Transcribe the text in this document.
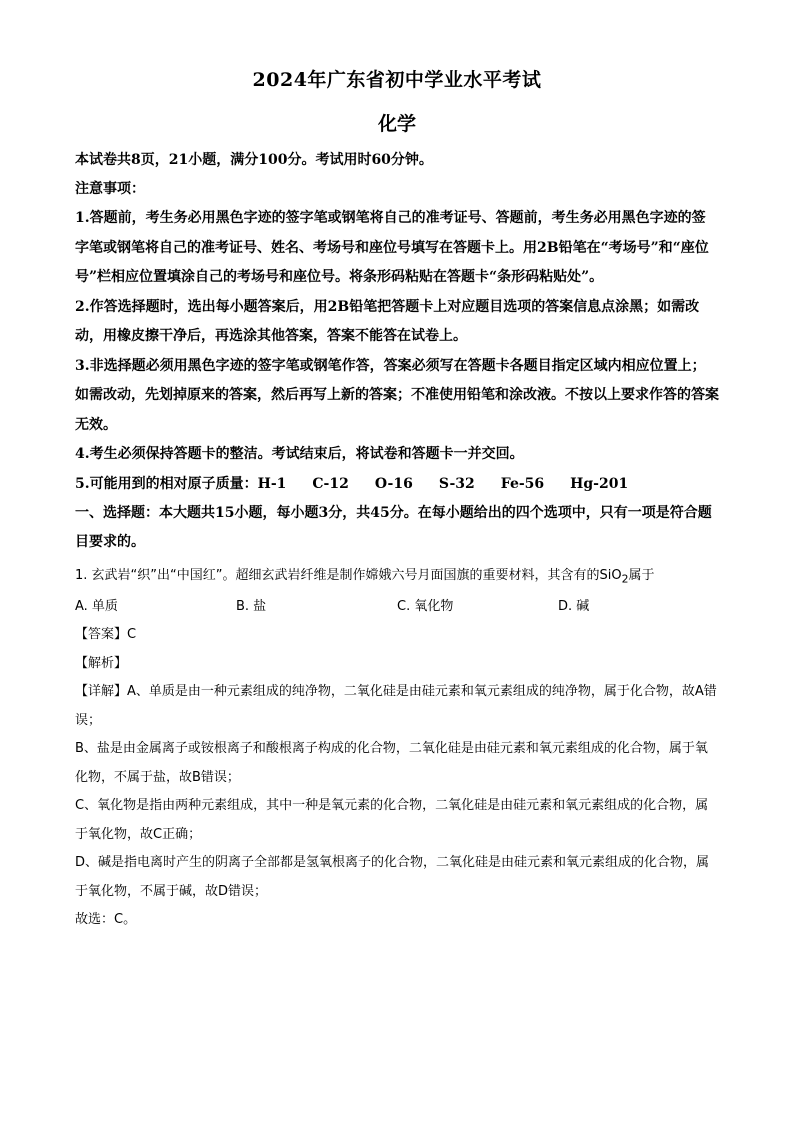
2024年广东省初中学业水平考试
化学

本试卷共8页，21小题，满分100分。考试用时60分钟。

注意事项：

1.答题前，考生务必用黑色字迹的签字笔或钢笔将自己的准考证号、答题前，考生务必用黑色字迹的签字笔或钢笔将自己的准考证号、姓名、考场号和座位号填写在答题卡上。用2B铅笔在“考场号”和“座位号”栏相应位置填涂自己的考场号和座位号。将条形码粘贴在答题卡“条形码粘贴处”。

2.作答选择题时，选出每小题答案后，用2B铅笔把答题卡上对应题目选项的答案信息点涂黑；如需改动，用橡皮擦干净后，再选涂其他答案，答案不能答在试卷上。

3.非选择题必须用黑色字迹的签字笔或钢笔作答，答案必须写在答题卡各题目指定区域内相应位置上；如需改动，先划掉原来的答案，然后再写上新的答案；不准使用铅笔和涂改液。不按以上要求作答的答案无效。

4.考生必须保持答题卡的整洁。考试结束后，将试卷和答题卡一并交回。

5.可能用到的相对原子质量： H-1 C-12 O-16 S-32 Fe-56 Hg-201

一、选择题：本大题共15小题，每小题3分，共45分。在每小题给出的四个选项中，只有一项是符合题目要求的。

1. 玄武岩“织”出“中国红”。超细玄武岩纤维是制作嫦娥六号月面国旗的重要材料，其含有的SiO$_2$属于

A. 单质	B. 盐	C. 氧化物	D. 碱

【答案】C

【解析】

【详解】A、单质是由一种元素组成的纯净物，二氧化硅是由硅元素和氧元素组成的纯净物，属于化合物，故A错误；

B、盐是由金属离子或铵根离子和酸根离子构成的化合物，二氧化硅是由硅元素和氧元素组成的化合物，属于氧化物，不属于盐，故B错误；

C、氧化物是指由两种元素组成，其中一种是氧元素的化合物，二氧化硅是由硅元素和氧元素组成的化合物，属于氧化物，故C正确；

D、碱是指电离时产生的阴离子全部都是氢氧根离子的化合物，二氧化硅是由硅元素和氧元素组成的化合物，属于氧化物，不属于碱，故D错误；

故选：C。
